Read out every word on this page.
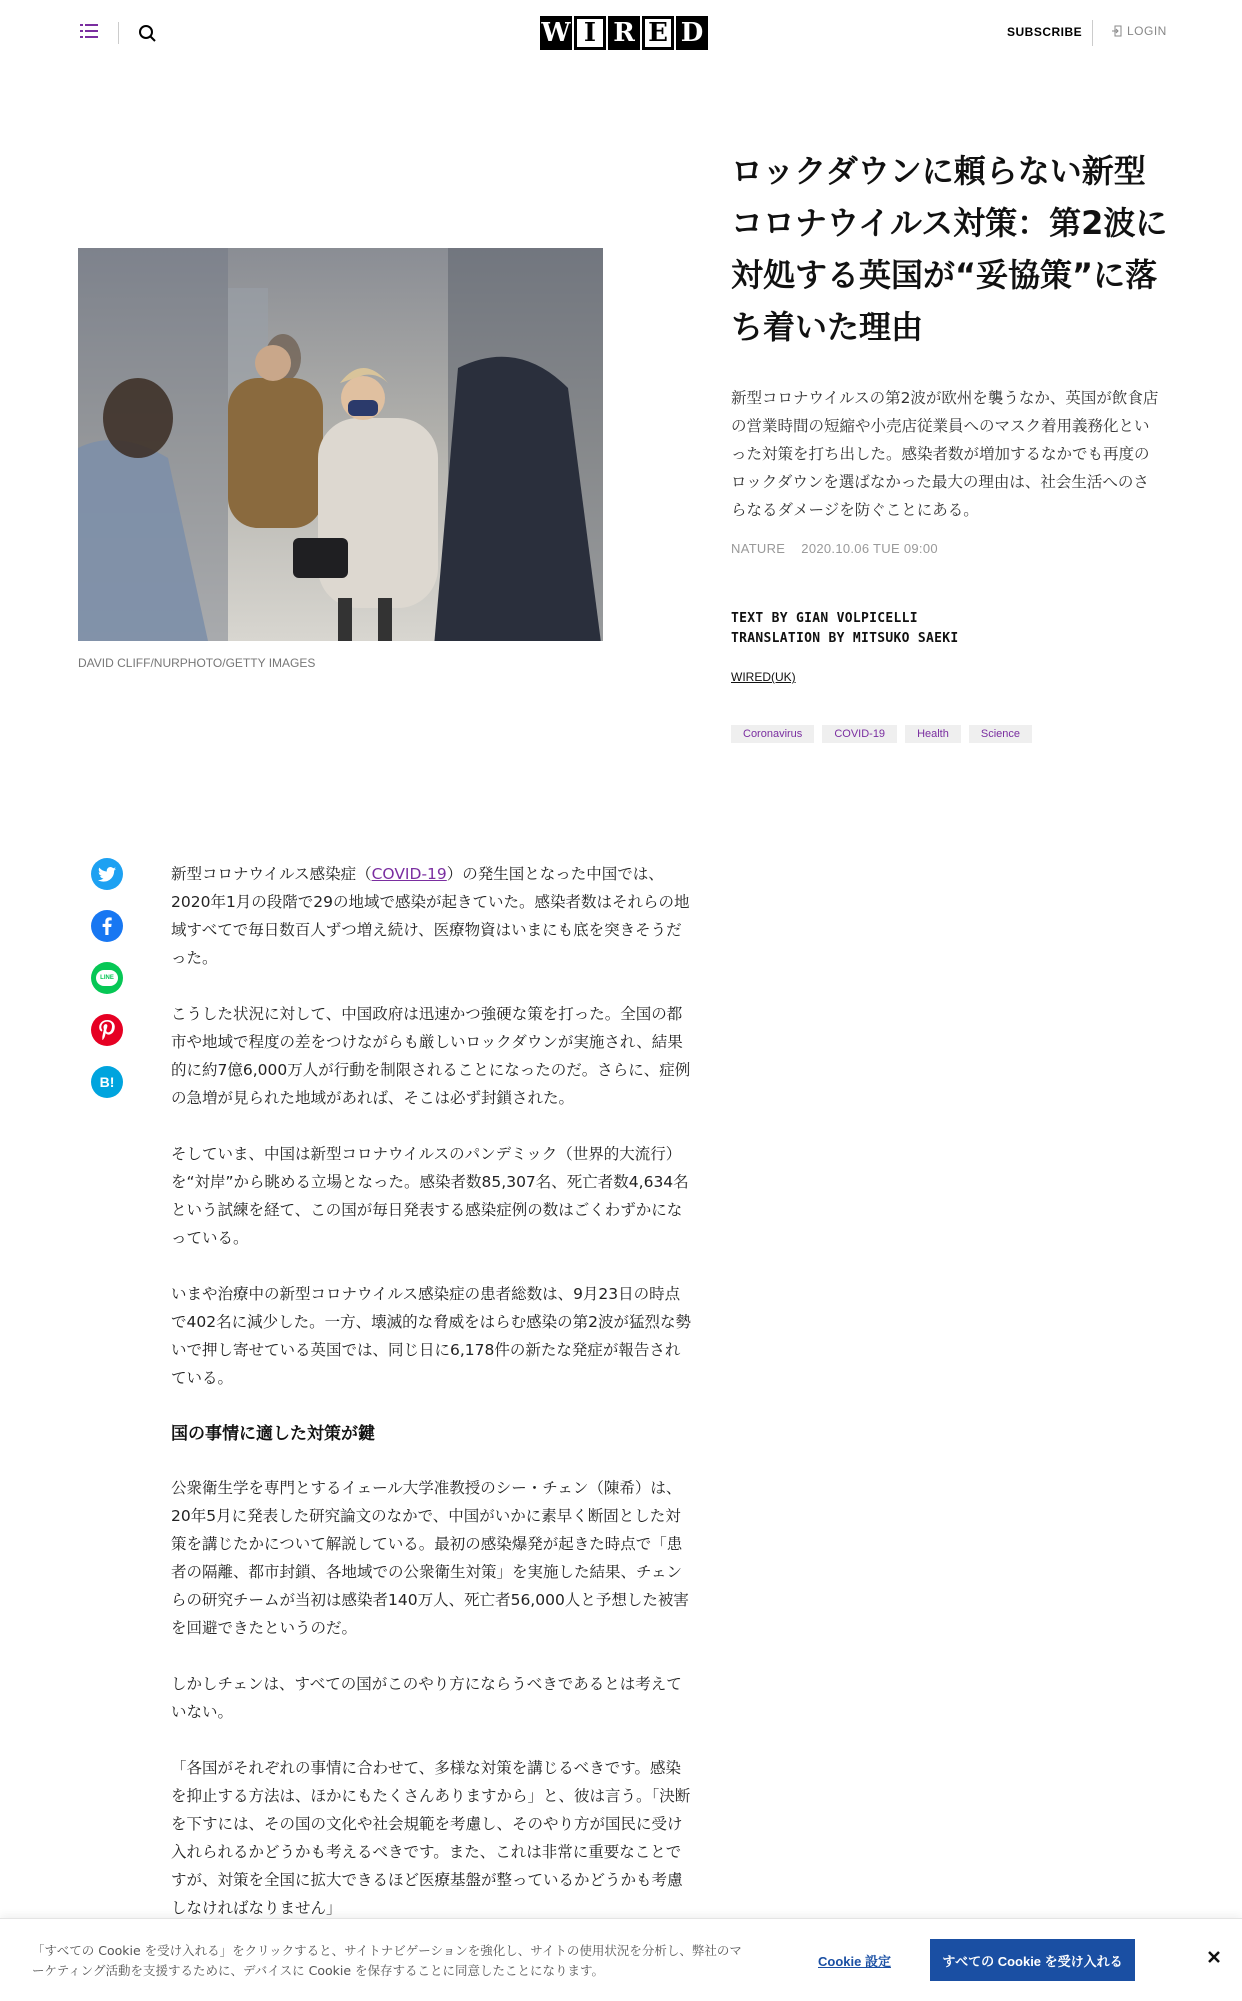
W I R E D	SUBSCRIBE	LOGIN
DAVID CLIFF/NURPHOTO/GETTY IMAGES
ロックダウンに頼らない新型コロナウイルス対策：第2波に対処する英国が“妥協策”に落ち着いた理由

新型コロナウイルスの第2波が欧州を襲うなか、英国が飲食店の営業時間の短縮や小売店従業員へのマスク着用義務化といった対策を打ち出した。感染者数が増加するなかでも再度のロックダウンを選ばなかった最大の理由は、社会生活へのさらなるダメージを防ぐことにある。

NATURE 2020.10.06 TUE 09:00
TEXT BY GIAN VOLPICELLI
TRANSLATION BY MITSUKO SAEKI
WIRED(UK)
Coronavirus	COVID-19	Health	Science
LINE
B!

新型コロナウイルス感染症（COVID-19）の発生国となった中国では、2020年1月の段階で29の地域で感染が起きていた。感染者数はそれらの地域すべてで毎日数百人ずつ増え続け、医療物資はいまにも底を突きそうだった。

こうした状況に対して、中国政府は迅速かつ強硬な策を打った。全国の都市や地域で程度の差をつけながらも厳しいロックダウンが実施され、結果的に約7億6,000万人が行動を制限されることになったのだ。さらに、症例の急増が見られた地域があれば、そこは必ず封鎖された。

そしていま、中国は新型コロナウイルスのパンデミック（世界的大流行）を“対岸”から眺める立場となった。感染者数85,307名、死亡者数4,634名という試練を経て、この国が毎日発表する感染症例の数はごくわずかになっている。

いまや治療中の新型コロナウイルス感染症の患者総数は、9月23日の時点で402名に減少した。一方、壊滅的な脅威をはらむ感染の第2波が猛烈な勢いで押し寄せている英国では、同じ日に6,178件の新たな発症が報告されている。

国の事情に適した対策が鍵

公衆衛生学を専門とするイェール大学准教授のシー・チェン（陳希）は、20年5月に発表した研究論文のなかで、中国がいかに素早く断固とした対策を講じたかについて解説している。最初の感染爆発が起きた時点で「患者の隔離、都市封鎖、各地域での公衆衛生対策」を実施した結果、チェンらの研究チームが当初は感染者140万人、死亡者56,000人と予想した被害を回避できたというのだ。

しかしチェンは、すべての国がこのやり方にならうべきであるとは考えていない。

「各国がそれぞれの事情に合わせて、多様な対策を講じるべきです。感染を抑止する方法は、ほかにもたくさんありますから」と、彼は言う。「決断を下すには、その国の文化や社会規範を考慮し、そのやり方が国民に受け入れられるかどうかも考えるべきです。また、これは非常に重要なことですが、対策を全国に拡大できるほど医療基盤が整っているかどうかも考慮しなければなりません」

「すべての Cookie を受け入れる」をクリックすると、サイトナビゲーションを強化し、サイトの使用状況を分析し、弊社のマーケティング活動を支援するために、デバイスに Cookie を保存することに同意したことになります。

Cookie 設定	すべての Cookie を受け入れる
